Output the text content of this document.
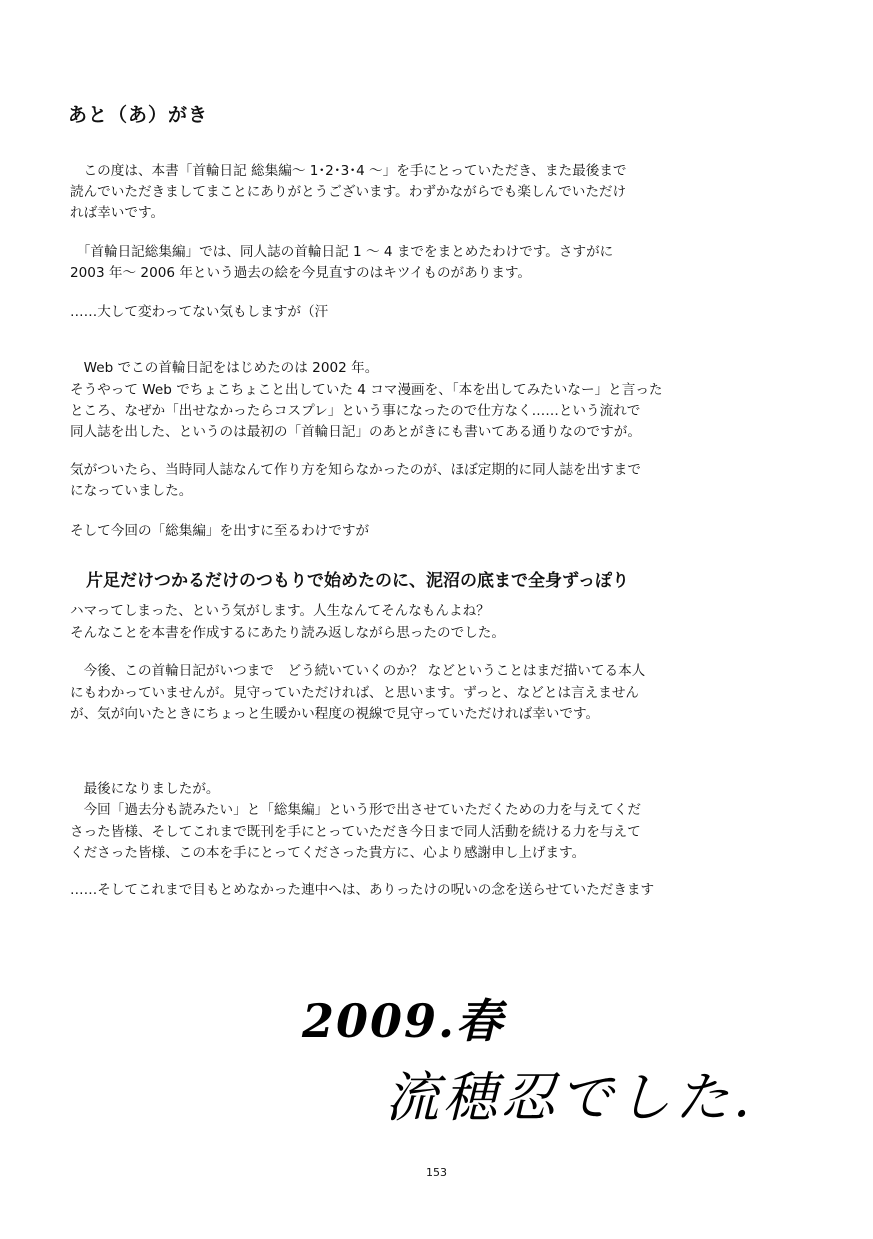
あと（あ）がき
　この度は、本書「首輪日記 総集編～ 1･2･3･4 ～」を手にとっていただき、また最後まで
読んでいただきましてまことにありがとうございます。わずかながらでも楽しんでいただけ
れば幸いです。
　「首輪日記総集編」では、同人誌の首輪日記 1 ～ 4 までをまとめたわけです。さすがに
2003 年～ 2006 年という過去の絵を今見直すのはキツイものがあります。
……大して変わってない気もしますが（汗
　Web でこの首輪日記をはじめたのは 2002 年。
そうやって Web でちょこちょこと出していた 4 コマ漫画を、「本を出してみたいなー」と言った
ところ、なぜか「出せなかったらコスプレ」という事になったので仕方なく……という流れで
同人誌を出した、というのは最初の「首輪日記」のあとがきにも書いてある通りなのですが。
気がついたら、当時同人誌なんて作り方を知らなかったのが、ほぼ定期的に同人誌を出すまで
になっていました。
そして今回の「総集編」を出すに至るわけですが
片足だけつかるだけのつもりで始めたのに、泥沼の底まで全身ずっぽり
ハマってしまった、という気がします。人生なんてそんなもんよね？
そんなことを本書を作成するにあたり読み返しながら思ったのでした。
　今後、この首輪日記がいつまで　どう続いていくのか？ などということはまだ描いてる本人
にもわかっていませんが。見守っていただければ、と思います。ずっと、などとは言えません
が、気が向いたときにちょっと生暖かい程度の視線で見守っていただければ幸いです。
　最後になりましたが。
　今回「過去分も読みたい」と「総集編」という形で出させていただくための力を与えてくだ
さった皆様、そしてこれまで既刊を手にとっていただき今日まで同人活動を続ける力を与えて
くださった皆様、この本を手にとってくださった貴方に、心より感謝申し上げます。
……そしてこれまで目もとめなかった連中へは、ありったけの呪いの念を送らせていただきます
2009.春
流穂忍でした.
153
